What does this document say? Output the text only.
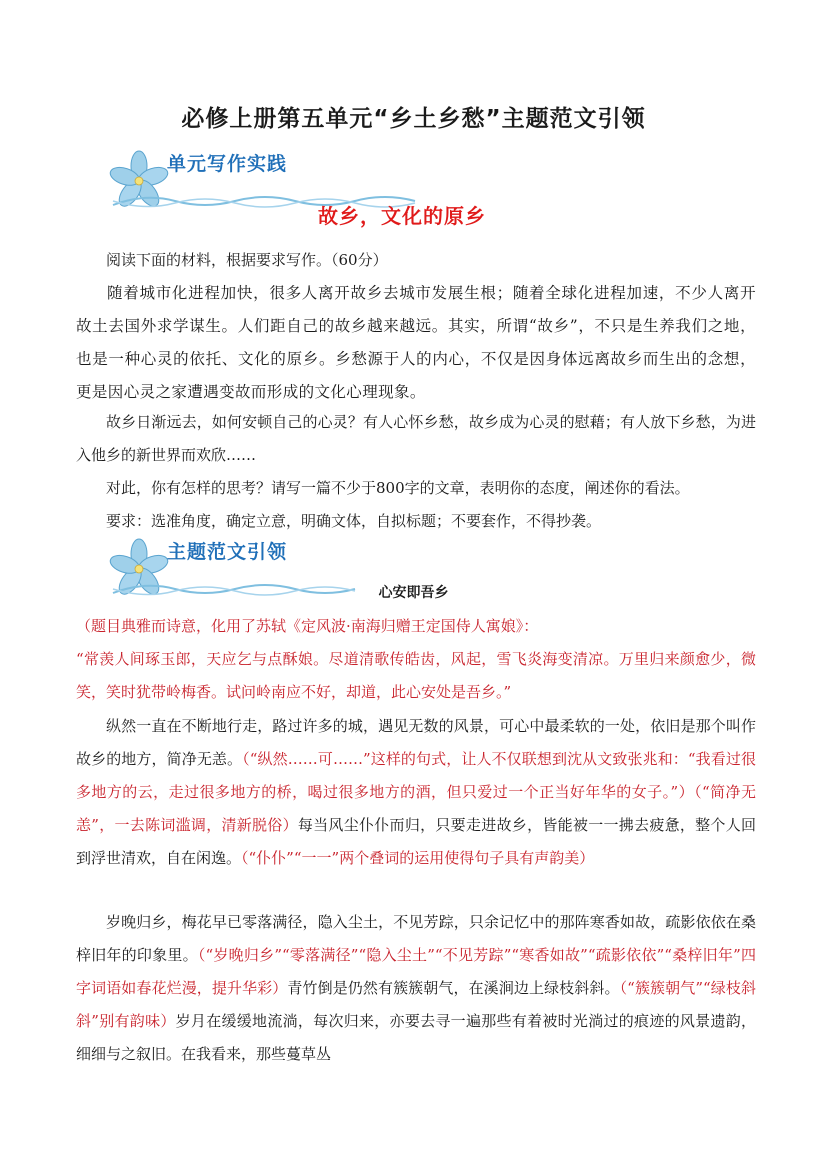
必修上册第五单元“乡土乡愁”主题范文引领
单元写作实践
故乡，文化的原乡

阅读下面的材料，根据要求写作。（60分）

随着城市化进程加快，很多人离开故乡去城市发展生根；随着全球化进程加速，不少人离开故土去国外求学谋生。人们距自己的故乡越来越远。其实，所谓“故乡”，不只是生养我们之地，也是一种心灵的依托、文化的原乡。乡愁源于人的内心，不仅是因身体远离故乡而生出的念想，更是因心灵之家遭遇变故而形成的文化心理现象。

故乡日渐远去，如何安顿自己的心灵？有人心怀乡愁，故乡成为心灵的慰藉；有人放下乡愁，为进入他乡的新世界而欢欣……

对此，你有怎样的思考？请写一篇不少于800字的文章，表明你的态度，阐述你的看法。

要求：选准角度，确定立意，明确文体，自拟标题；不要套作，不得抄袭。

主题范文引领
心安即吾乡

（题目典雅而诗意，化用了苏轼《定风波·南海归赠王定国侍人寓娘》：

“常羡人间琢玉郎，天应乞与点酥娘。尽道清歌传皓齿，风起，雪飞炎海变清凉。万里归来颜愈少，微笑，笑时犹带岭梅香。试问岭南应不好，却道，此心安处是吾乡。”

纵然一直在不断地行走，路过许多的城，遇见无数的风景，可心中最柔软的一处，依旧是那个叫作故乡的地方，简净无恙。（“纵然……可……”这样的句式，让人不仅联想到沈从文致张兆和：“我看过很多地方的云，走过很多地方的桥，喝过很多地方的酒，但只爱过一个正当好年华的女子。”）（“简净无恙”，一去陈词滥调，清新脱俗）每当风尘仆仆而归，只要走进故乡，皆能被一一拂去疲惫，整个人回到浮世清欢，自在闲逸。（“仆仆”“一一”两个叠词的运用使得句子具有声韵美）

岁晚归乡，梅花早已零落满径，隐入尘土，不见芳踪，只余记忆中的那阵寒香如故，疏影依依在桑梓旧年的印象里。（“岁晚归乡”“零落满径”“隐入尘土”“不见芳踪”“寒香如故”“疏影依依”“桑梓旧年”四字词语如春花烂漫，提升华彩）青竹倒是仍然有簇簇朝气，在溪涧边上绿枝斜斜。（“簇簇朝气”“绿枝斜斜”别有韵味）岁月在缓缓地流淌，每次归来，亦要去寻一遍那些有着被时光淌过的痕迹的风景遗韵，细细与之叙旧。在我看来，那些蔓草丛
